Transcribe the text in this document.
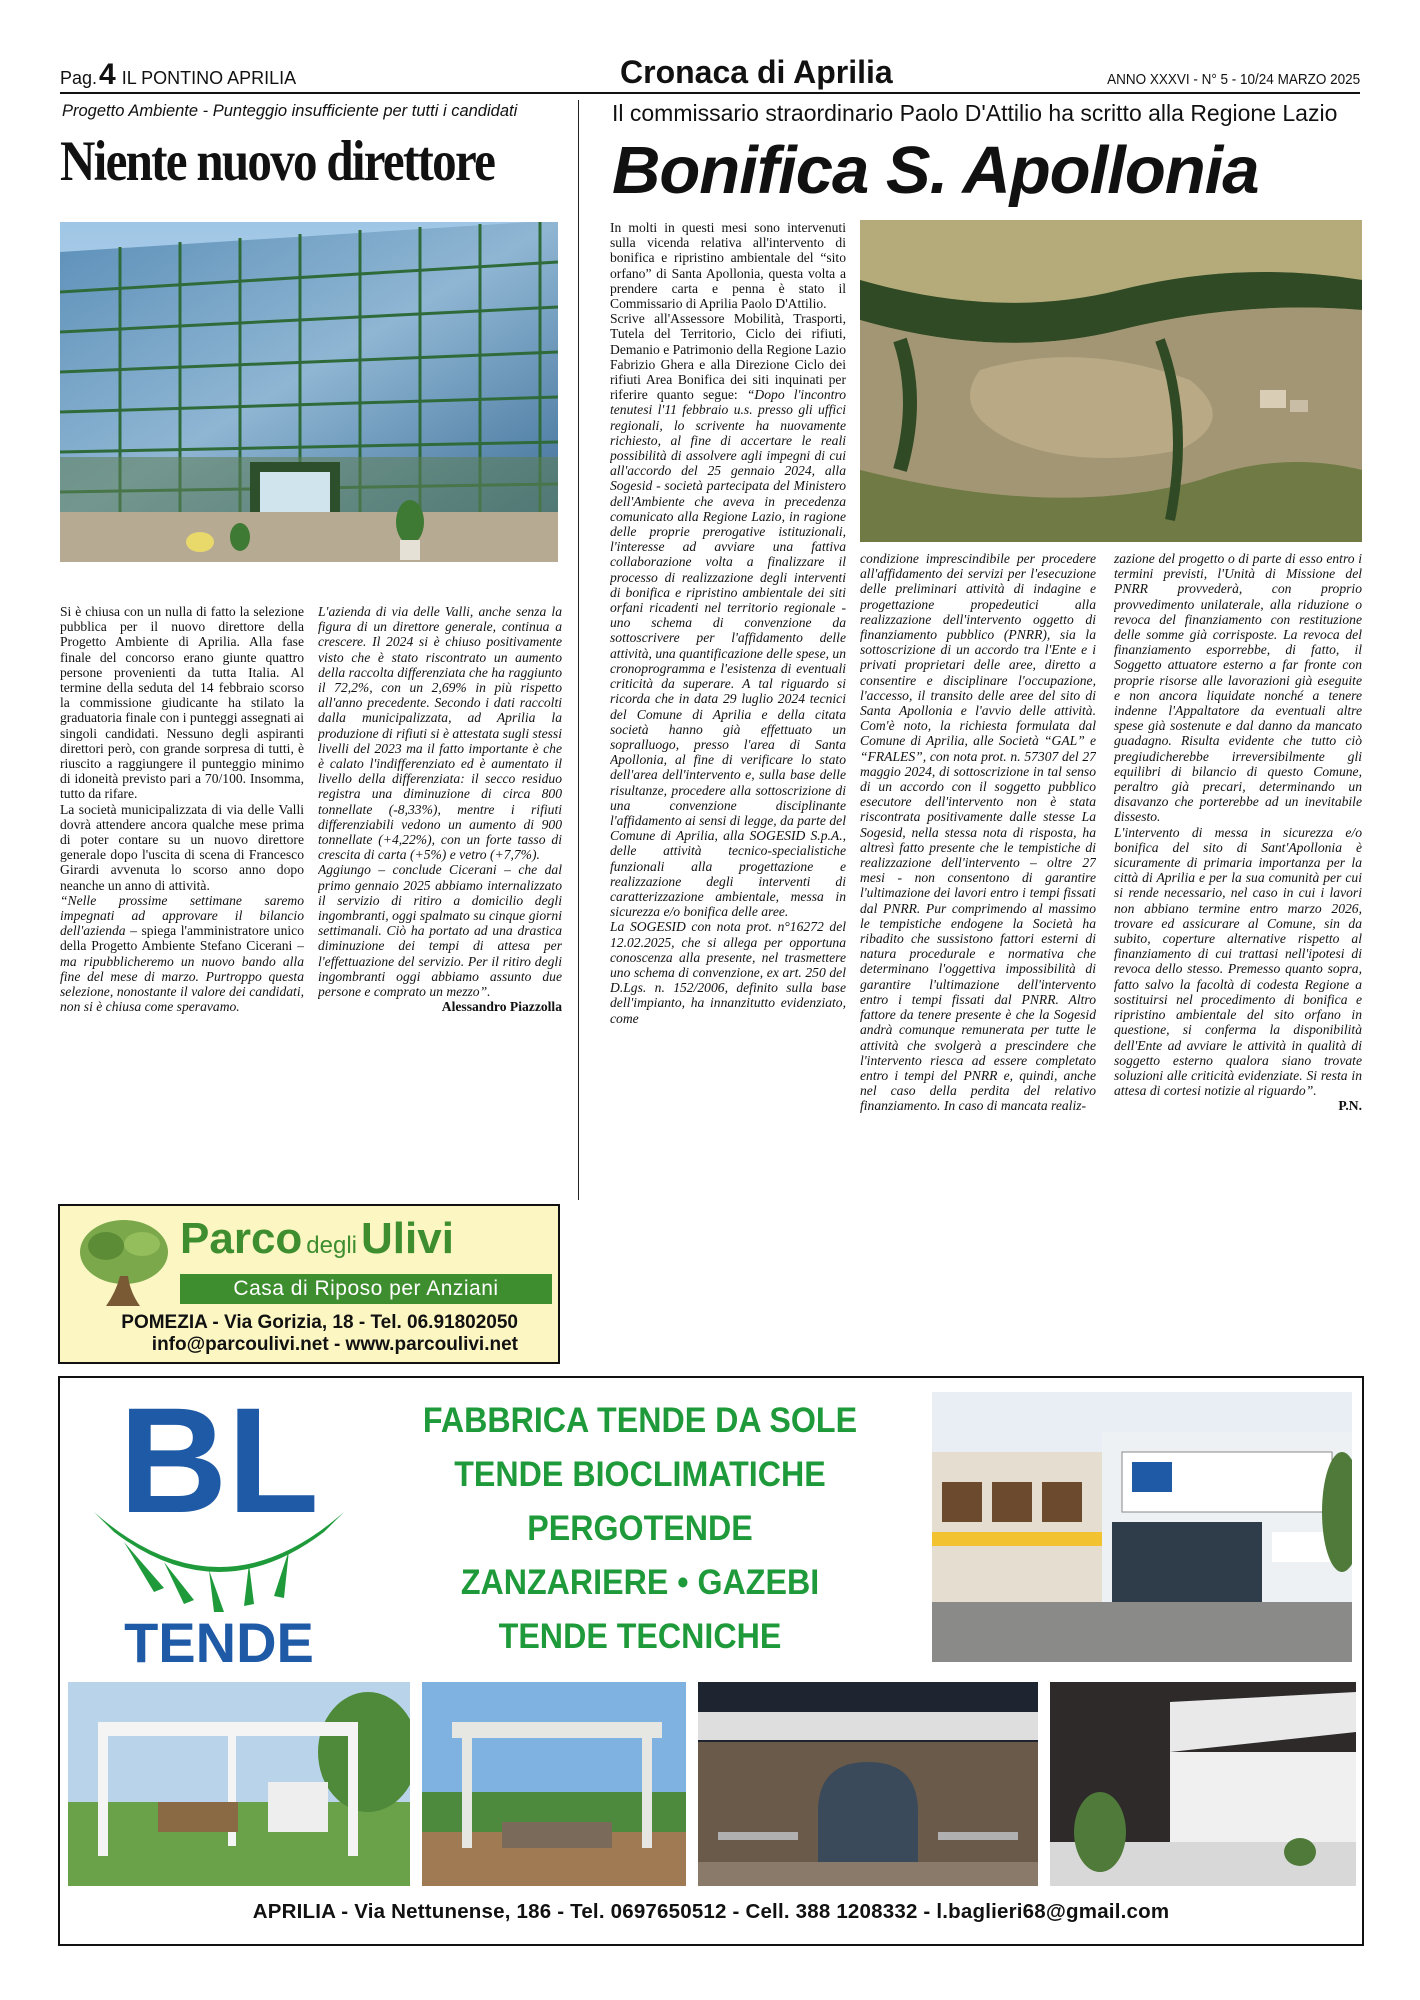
Pag.4 IL PONTINO APRILIA	Cronaca di Aprilia	ANNO XXXVI - N° 5 - 10/24 MARZO 2025
Progetto Ambiente - Punteggio insufficiente per tutti i candidati
Niente nuovo direttore

Si è chiusa con un nulla di fatto la selezione pubblica per il nuovo direttore della Progetto Ambiente di Aprilia. Alla fase finale del concorso erano giunte quattro persone provenienti da tutta Italia. Al termine della seduta del 14 febbraio scorso la commissione giudicante ha stilato la graduatoria finale con i punteggi assegnati ai singoli candidati. Nessuno degli aspiranti direttori però, con grande sorpresa di tutti, è riuscito a raggiungere il punteggio minimo di idoneità previsto pari a 70/100. Insomma, tutto da rifare.

La società municipalizzata di via delle Valli dovrà attendere ancora qualche mese prima di poter contare su un nuovo direttore generale dopo l'uscita di scena di Francesco Girardi avvenuta lo scorso anno dopo neanche un anno di attività.

“Nelle prossime settimane saremo impegnati ad approvare il bilancio dell'azienda – spiega l'amministratore unico della Progetto Ambiente Stefano Cicerani – ma ripubblicheremo un nuovo bando alla fine del mese di marzo. Purtroppo questa selezione, nonostante il valore dei candidati, non si è chiusa come speravamo.

L'azienda di via delle Valli, anche senza la figura di un direttore generale, continua a crescere. Il 2024 si è chiuso positivamente visto che è stato riscontrato un aumento della raccolta differenziata che ha raggiunto il 72,2%, con un 2,69% in più rispetto all'anno precedente. Secondo i dati raccolti dalla municipalizzata, ad Aprilia la produzione di rifiuti si è attestata sugli stessi livelli del 2023 ma il fatto importante è che è calato l'indifferenziato ed è aumentato il livello della differenziata: il secco residuo registra una diminuzione di circa 800 tonnellate (-8,33%), mentre i rifiuti differenziabili vedono un aumento di 900 tonnellate (+4,22%), con un forte tasso di crescita di carta (+5%) e vetro (+7,7%).

Aggiungo – conclude Cicerani – che dal primo gennaio 2025 abbiamo internalizzato il servizio di ritiro a domicilio degli ingombranti, oggi spalmato su cinque giorni settimanali. Ciò ha portato ad una drastica diminuzione dei tempi di attesa per l'effettuazione del servizio. Per il ritiro degli ingombranti oggi abbiamo assunto due persone e comprato un mezzo”.

Alessandro Piazzolla

Parco degliUlivi
Casa di Riposo per Anziani
POMEZIA - Via Gorizia, 18 - Tel. 06.91802050
info@parcoulivi.net - www.parcoulivi.net
Il commissario straordinario Paolo D'Attilio ha scritto alla Regione Lazio
Bonifica S. Apollonia

In molti in questi mesi sono intervenuti sulla vicenda relativa all'intervento di bonifica e ripristino ambientale del “sito orfano” di Santa Apollonia, questa volta a prendere carta e penna è stato il Commissario di Aprilia Paolo D'Attilio.

Scrive all'Assessore Mobilità, Trasporti, Tutela del Territorio, Ciclo dei rifiuti, Demanio e Patrimonio della Regione Lazio Fabrizio Ghera e alla Direzione Ciclo dei rifiuti Area Bonifica dei siti inquinati per riferire quanto segue: “Dopo l'incontro tenutesi l'11 febbraio u.s. presso gli uffici regionali, lo scrivente ha nuovamente richiesto, al fine di accertare le reali possibilità di assolvere agli impegni di cui all'accordo del 25 gennaio 2024, alla Sogesid - società partecipata del Ministero dell'Ambiente che aveva in precedenza comunicato alla Regione Lazio, in ragione delle proprie prerogative istituzionali, l'interesse ad avviare una fattiva collaborazione volta a finalizzare il processo di realizzazione degli interventi di bonifica e ripristino ambientale dei siti orfani ricadenti nel territorio regionale - uno schema di convenzione da sottoscrivere per l'affidamento delle attività, una quantificazione delle spese, un cronoprogramma e l'esistenza di eventuali criticità da superare. A tal riguardo si ricorda che in data 29 luglio 2024 tecnici del Comune di Aprilia e della citata società hanno già effettuato un sopralluogo, presso l'area di Santa Apollonia, al fine di verificare lo stato dell'area dell'intervento e, sulla base delle risultanze, procedere alla sottoscrizione di una convenzione disciplinante l'affidamento ai sensi di legge, da parte del Comune di Aprilia, alla SOGESID S.p.A., delle attività tecnico-specialistiche funzionali alla progettazione e realizzazione degli interventi di caratterizzazione ambientale, messa in sicurezza e/o bonifica delle aree.

La SOGESID con nota prot. n°16272 del 12.02.2025, che si allega per opportuna conoscenza alla presente, nel trasmettere uno schema di convenzione, ex art. 250 del D.Lgs. n. 152/2006, definito sulla base dell'impianto, ha innanzitutto evidenziato, come

condizione imprescindibile per procedere all'affidamento dei servizi per l'esecuzione delle preliminari attività di indagine e progettazione propedeutici alla realizzazione dell'intervento oggetto di finanziamento pubblico (PNRR), sia la sottoscrizione di un accordo tra l'Ente e i privati proprietari delle aree, diretto a consentire e disciplinare l'occupazione, l'accesso, il transito delle aree del sito di Santa Apollonia e l'avvio delle attività. Com'è noto, la richiesta formulata dal Comune di Aprilia, alle Società “GAL” e “FRALES”, con nota prot. n. 57307 del 27 maggio 2024, di sottoscrizione in tal senso di un accordo con il soggetto pubblico esecutore dell'intervento non è stata riscontrata positivamente dalle stesse La Sogesid, nella stessa nota di risposta, ha altresì fatto presente che le tempistiche di realizzazione dell'intervento – oltre 27 mesi - non consentono di garantire l'ultimazione dei lavori entro i tempi fissati dal PNRR. Pur comprimendo al massimo le tempistiche endogene la Società ha ribadito che sussistono fattori esterni di natura procedurale e normativa che determinano l'oggettiva impossibilità di garantire l'ultimazione dell'intervento entro i tempi fissati dal PNRR. Altro fattore da tenere presente è che la Sogesid andrà comunque remunerata per tutte le attività che svolgerà a prescindere che l'intervento riesca ad essere completato entro i tempi del PNRR e, quindi, anche nel caso della perdita del relativo finanziamento. In caso di mancata realiz-

zazione del progetto o di parte di esso entro i termini previsti, l'Unità di Missione del PNRR provvederà, con proprio provvedimento unilaterale, alla riduzione o revoca del finanziamento con restituzione delle somme già corrisposte. La revoca del finanziamento esporrebbe, di fatto, il Soggetto attuatore esterno a far fronte con proprie risorse alle lavorazioni già eseguite e non ancora liquidate nonché a tenere indenne l'Appaltatore da eventuali altre spese già sostenute e dal danno da mancato guadagno. Risulta evidente che tutto ciò pregiudicherebbe irreversibilmente gli equilibri di bilancio di questo Comune, peraltro già precari, determinando un disavanzo che porterebbe ad un inevitabile dissesto.

L'intervento di messa in sicurezza e/o bonifica del sito di Sant'Apollonia è sicuramente di primaria importanza per la città di Aprilia e per la sua comunità per cui si rende necessario, nel caso in cui i lavori non abbiano termine entro marzo 2026, trovare ed assicurare al Comune, sin da subito, coperture alternative rispetto al finanziamento di cui trattasi nell'ipotesi di revoca dello stesso. Premesso quanto sopra, fatto salvo la facoltà di codesta Regione a sostituirsi nel procedimento di bonifica e ripristino ambientale del sito orfano in questione, si conferma la disponibilità dell'Ente ad avviare le attività in qualità di soggetto esterno qualora siano trovate soluzioni alle criticità evidenziate. Si resta in attesa di cortesi notizie al riguardo”.

P.N.

BL
TENDE
FABBRICA TENDE DA SOLE
TENDE BIOCLIMATICHE
PERGOTENDE
ZANZARIERE • GAZEBI
TENDE TECNICHE
APRILIA - Via Nettunense, 186 - Tel. 0697650512 - Cell. 388 1208332 - l.baglieri68@gmail.com
